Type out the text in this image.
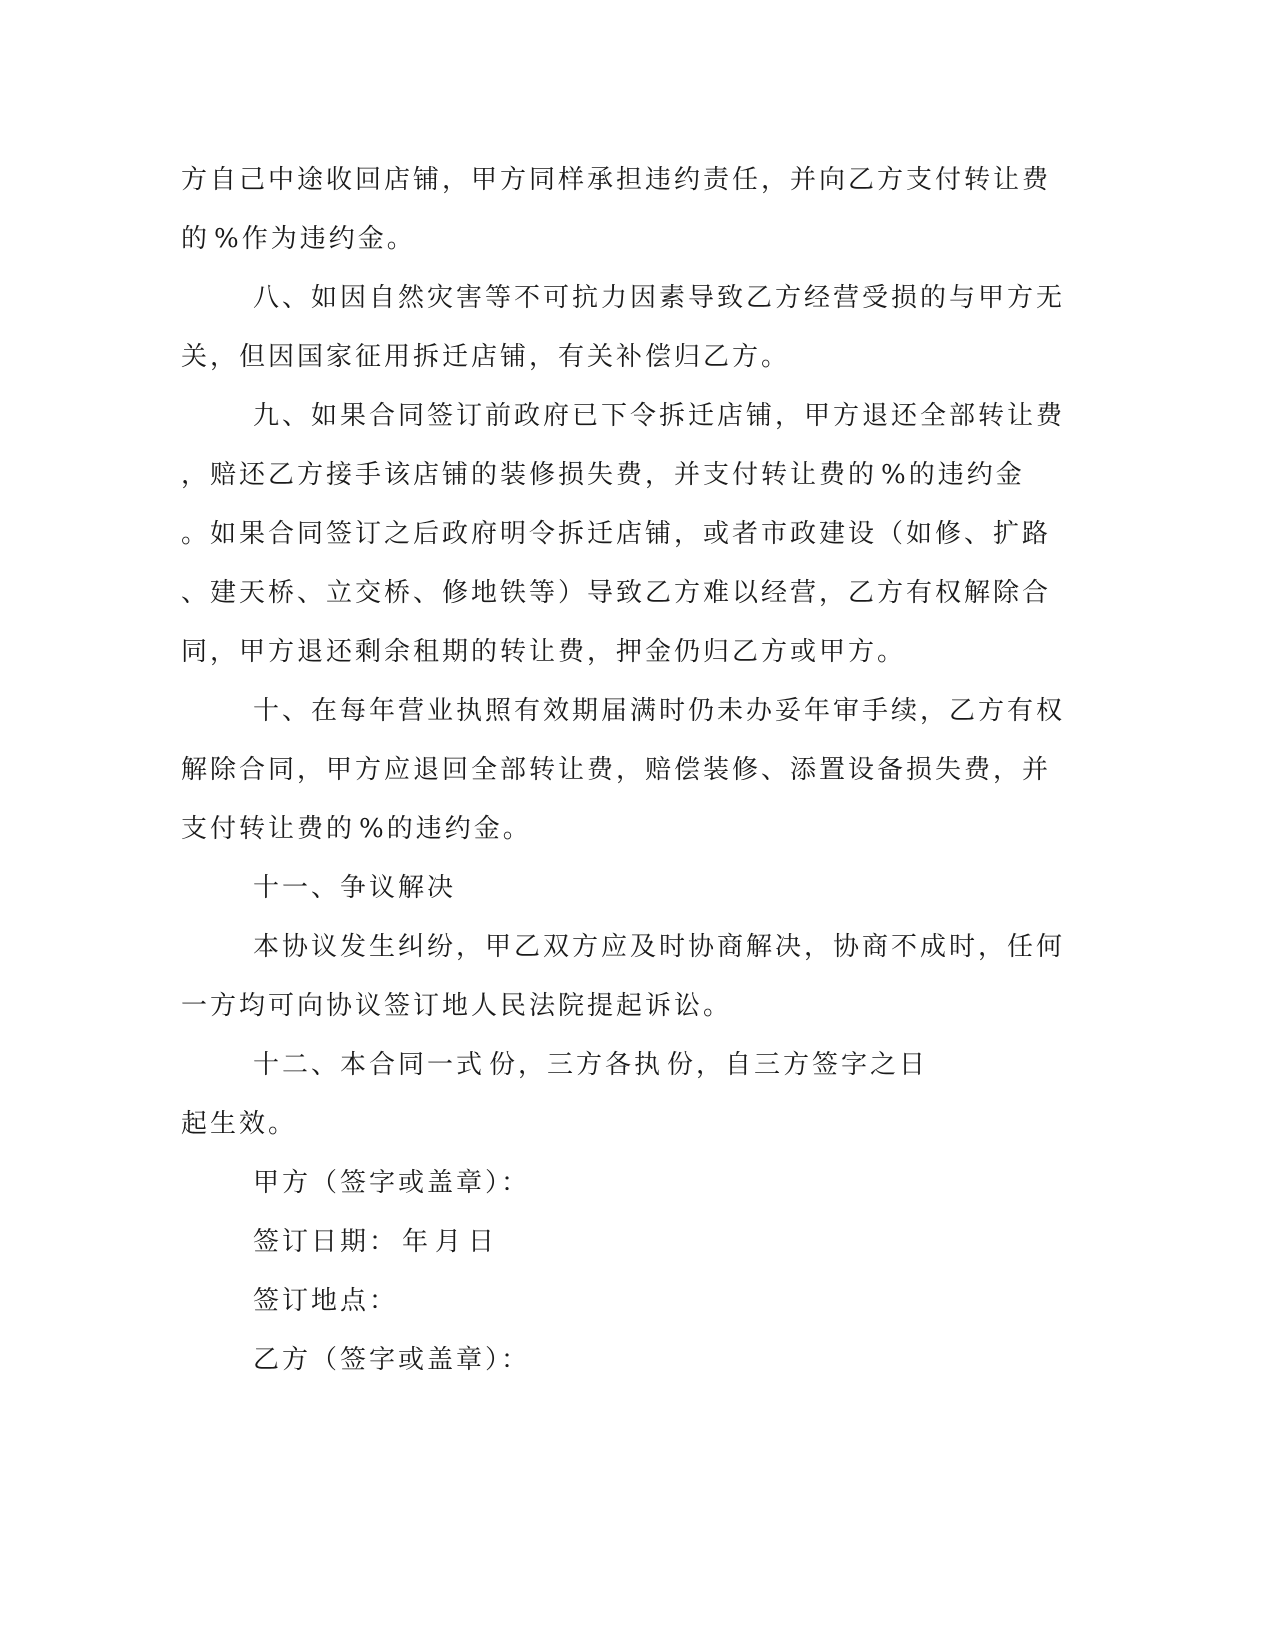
方自己中途收回店铺，甲方同样承担违约责任，并向乙方支付转让费
的 %作为违约金。
八、如因自然灾害等不可抗力因素导致乙方经营受损的与甲方无
关，但因国家征用拆迁店铺，有关补偿归乙方。
九、如果合同签订前政府已下令拆迁店铺，甲方退还全部转让费
，赔还乙方接手该店铺的装修损失费，并支付转让费的 %的违约金
。如果合同签订之后政府明令拆迁店铺，或者市政建设（如修、扩路
、建天桥、立交桥、修地铁等）导致乙方难以经营，乙方有权解除合
同，甲方退还剩余租期的转让费，押金仍归乙方或甲方。
十、在每年营业执照有效期届满时仍未办妥年审手续，乙方有权
解除合同，甲方应退回全部转让费，赔偿装修、添置设备损失费，并
支付转让费的 %的违约金。
十一、争议解决
本协议发生纠纷，甲乙双方应及时协商解决，协商不成时，任何
一方均可向协议签订地人民法院提起诉讼。
十二、本合同一式 份，三方各执 份，自三方签字之日
起生效。
甲方（签字或盖章）：
签订日期： 年 月 日
签订地点：
乙方（签字或盖章）：
